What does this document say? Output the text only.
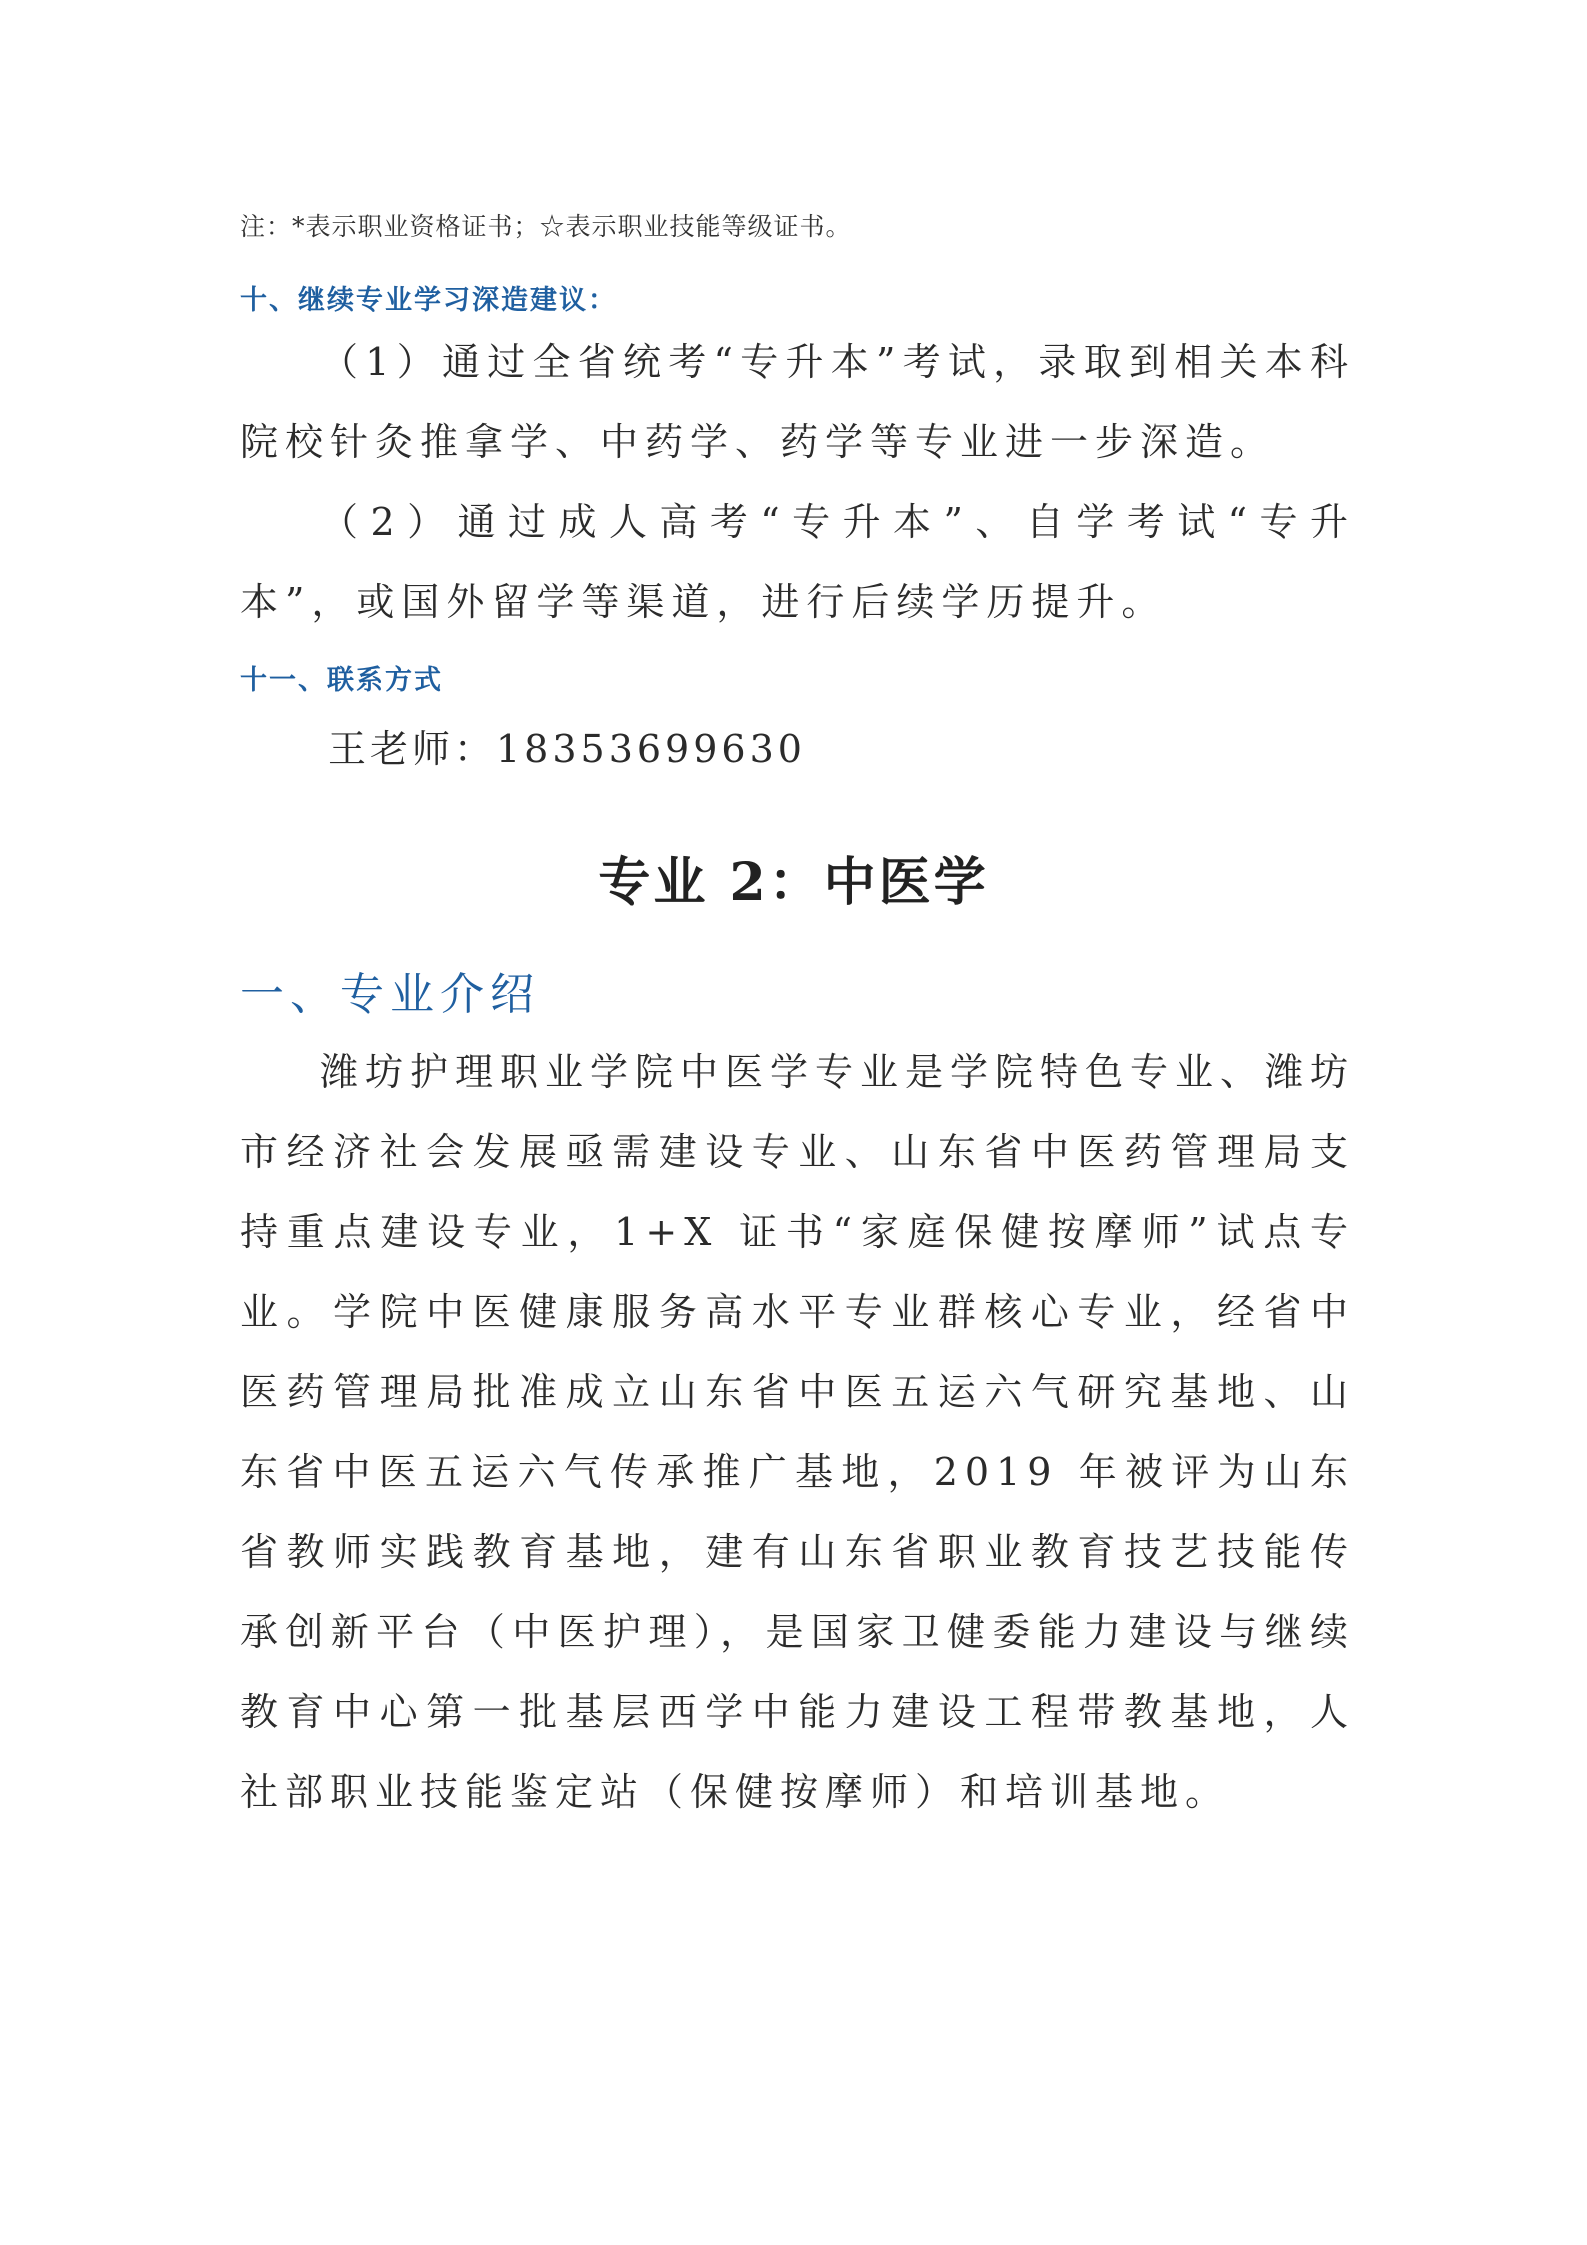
注：*表示职业资格证书；☆表示职业技能等级证书。
十、继续专业学习深造建议：

（1）通过全省统考“专升本”考试，录取到相关本科院校针灸推拿学、中药学、药学等专业进一步深造。

（2）通过成人高考“专升本”、自学考试“专升本”，或国外留学等渠道，进行后续学历提升。

十一、联系方式
王老师：18353699630
专业 2：中医学
一、专业介绍

潍坊护理职业学院中医学专业是学院特色专业、潍坊市经济社会发展亟需建设专业、山东省中医药管理局支持重点建设专业，1+X 证书“家庭保健按摩师”试点专业。学院中医健康服务高水平专业群核心专业，经省中医药管理局批准成立山东省中医五运六气研究基地、山东省中医五运六气传承推广基地，2019 年被评为山东省教师实践教育基地，建有山东省职业教育技艺技能传承创新平台（中医护理），是国家卫健委能力建设与继续教育中心第一批基层西学中能力建设工程带教基地，人社部职业技能鉴定站（保健按摩师）和培训基地。
